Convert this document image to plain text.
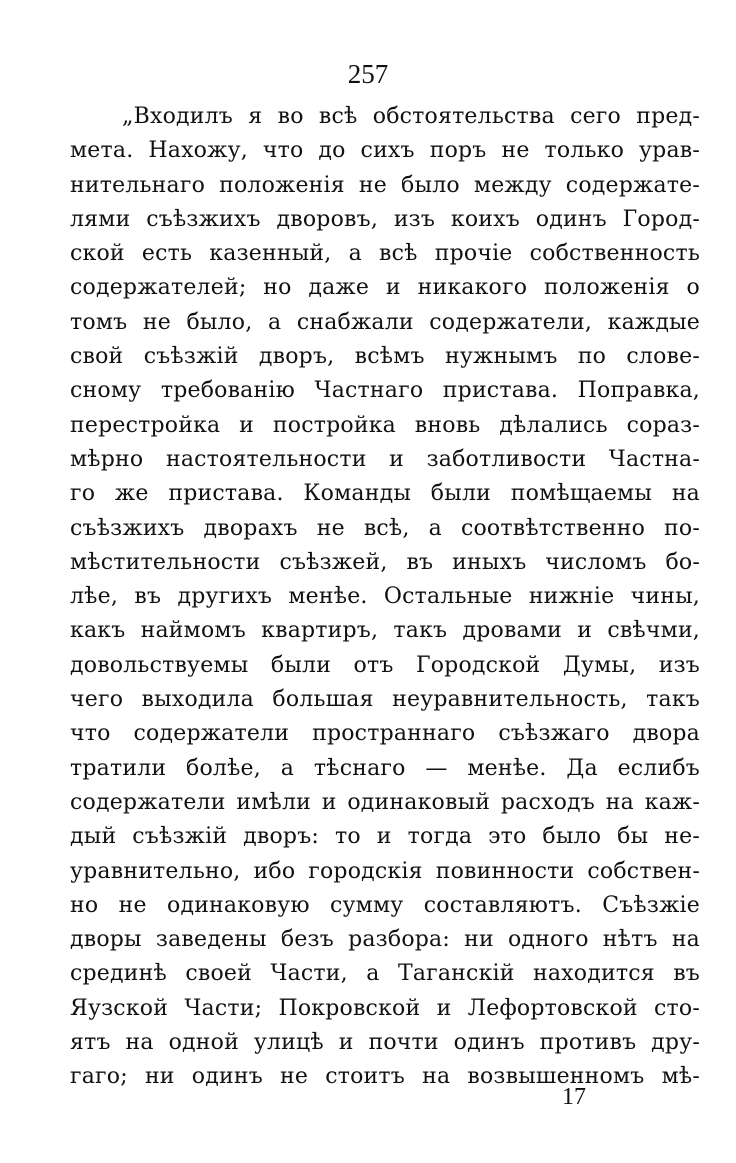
257
„Входилъ я во всѣ обстоятельства сего пред-
мета. Нахожу, что до сихъ поръ не только урав-
нительнаго положенія не было между содержате-
лями съѣзжихъ дворовъ, изъ коихъ одинъ Город-
ской есть казенный, а всѣ прочіе собственность
содержателей; но даже и никакого положенія о
томъ не было, а снабжали содержатели, каждые
свой съѣзжій дворъ, всѣмъ нужнымъ по слове-
сному требованію Частнаго пристава. Поправка,
перестройка и постройка вновь дѣлались сораз-
мѣрно настоятельности и заботливости Частна-
го же пристава. Команды были помѣщаемы на
съѣзжихъ дворахъ не всѣ, а соотвѣтственно по-
мѣстительности съѣзжей, въ иныхъ числомъ бо-
лѣе, въ другихъ менѣе. Остальные нижніе чины,
какъ наймомъ квартиръ, такъ дровами и свѣчми,
довольствуемы были отъ Городской Думы, изъ
чего выходила большая неуравнительность, такъ
что содержатели пространнаго съѣзжаго двора
тратили болѣе, а тѣснаго — менѣе. Да еслибъ
содержатели имѣли и одинаковый расходъ на каж-
дый съѣзжій дворъ: то и тогда это было бы не-
уравнительно, ибо городскія повинности собствен-
но не одинаковую сумму составляютъ. Съѣзжіе
дворы заведены безъ разбора: ни одного нѣтъ на
срединѣ своей Части, а Таганскій находится въ
Яузской Части; Покровской и Лефортовской сто-
ятъ на одной улицѣ и почти одинъ противъ дру-
гаго; ни одинъ не стоитъ на возвышенномъ мѣ-
17
